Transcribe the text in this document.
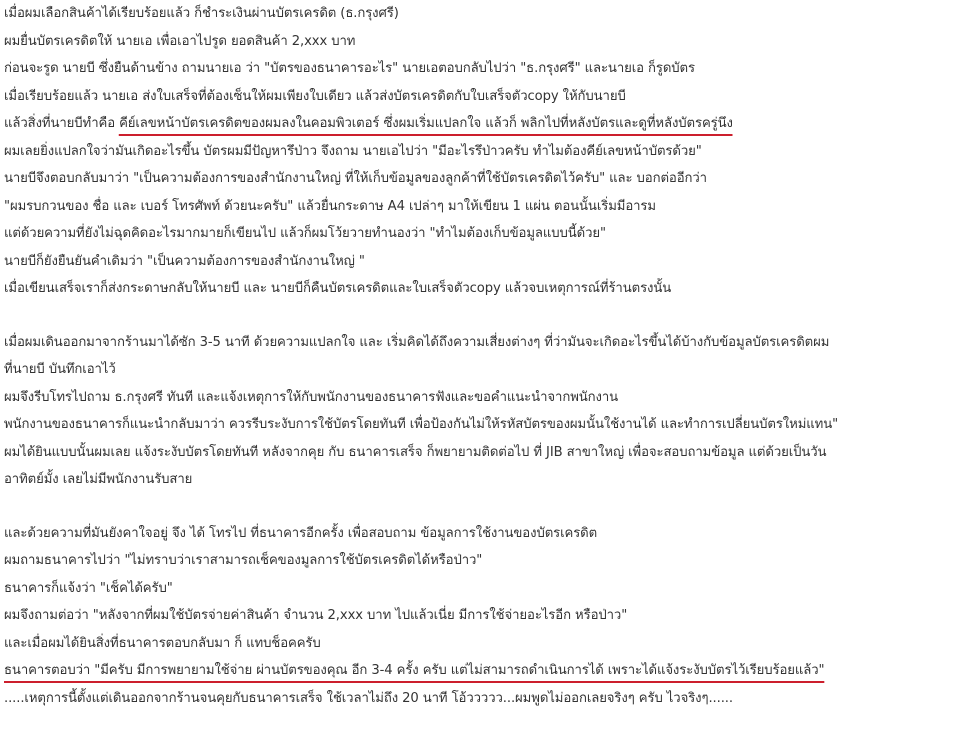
เมื่อผมเลือกสินค้าได้เรียบร้อยแล้ว ก็ชำระเงินผ่านบัตรเครดิต (ธ.กรุงศรี)
ผมยื่นบัตรเครดิตให้ นายเอ เพื่อเอาไปรูด ยอดสินค้า 2,xxx บาท
ก่อนจะรูด นายบี ซึ่งยืนด้านข้าง ถามนายเอ ว่า "บัตรของธนาคารอะไร" นายเอตอบกลับไปว่า "ธ.กรุงศรี" และนายเอ ก็รูดบัตร
เมื่อเรียบร้อยแล้ว นายเอ ส่งใบเสร็จที่ต้องเซ็นให้ผมเพียงใบเดียว แล้วส่งบัตรเครดิตกับใบเสร็จตัวcopy ให้กับนายบี
แล้วสิ่งที่นายบีทำคือ คีย์เลขหน้าบัตรเครดิตของผมลงในคอมพิวเตอร์ ซึ่งผมเริ่มแปลกใจ แล้วก็ พลิกไปที่หลังบัตรและดูที่หลังบัตรครู่นึง
ผมเลยยิ่งแปลกใจว่ามันเกิดอะไรขึ้น บัตรผมมีปัญหารึป่าว จึงถาม นายเอไปว่า "มีอะไรรึป่าวครับ ทำไมต้องคีย์เลขหน้าบัตรด้วย"
นายบีจึงตอบกลับมาว่า "เป็นความต้องการของสำนักงานใหญ่ ที่ให้เก็บข้อมูลของลูกค้าที่ใช้บัตรเครดิตไว้ครับ" และ บอกต่ออีกว่า
"ผมรบกวนของ ชื่อ และ เบอร์ โทรศัพท์ ด้วยนะครับ" แล้วยื่นกระดาษ A4 เปล่าๆ มาให้เขียน 1 แผ่น ตอนนั้นเริ่มมีอารม
แต่ด้วยความที่ยังไม่ฉุดคิดอะไรมากมายก็เขียนไป แล้วก็ผมโว้ยวายทำนองว่า "ทำไมต้องเก็บข้อมูลแบบนี้ด้วย"
นายบีก็ยังยืนยันคำเดิมว่า "เป็นความต้องการของสำนักงานใหญ่ "
เมื่อเขียนเสร็จเราก็ส่งกระดาษกลับให้นายบี และ นายบีก็คืนบัตรเครดิตและใบเสร็จตัวcopy แล้วจบเหตุการณ์ที่ร้านตรงนั้น
เมื่อผมเดินออกมาจากร้านมาได้ซัก 3-5 นาที ด้วยความแปลกใจ และ เริ่มคิดได้ถึงความเสี่ยงต่างๆ ที่ว่ามันจะเกิดอะไรขึ้นได้บ้างกับข้อมูลบัตรเครดิตผม
ที่นายบี บันทึกเอาไว้
ผมจึงรีบโทรไปถาม ธ.กรุงศรี ทันที และแจ้งเหตุการให้กับพนักงานของธนาคารฟังและขอคำแนะนำจากพนักงาน
พนักงานของธนาคารก็แนะนำกลับมาว่า ควรรีบระงับการใช้บัตรโดยทันที เพื่อป้องกันไม่ให้รหัสบัตรของผมนั้นใช้งานได้ และทำการเปลี่ยนบัตรใหม่แทน"
ผมได้ยินแบบนั้นผมเลย แจ้งระงับบัตรโดยทันที หลังจากคุย กับ ธนาคารเสร็จ ก็พยายามติดต่อไป ที่ JIB สาขาใหญ่ เพื่อจะสอบถามข้อมูล แต่ด้วยเป็นวัน
อาทิตย์มั้ง เลยไม่มีพนักงานรับสาย
และด้วยความที่มันยังคาใจอยู่ จึง ได้ โทรไป ที่ธนาคารอีกครั้ง เพื่อสอบถาม ข้อมูลการใช้งานของบัตรเครดิต
ผมถามธนาคารไปว่า "ไม่ทราบว่าเราสามารถเช็คของมูลการใช้บัตรเครดิตได้หรือป่าว"
ธนาคารก็แจ้งว่า "เช็คได้ครับ"
ผมจึงถามต่อว่า "หลังจากที่ผมใช้บัตรจ่ายค่าสินค้า จำนวน 2,xxx บาท ไปแล้วเนี่ย มีการใช้จ่ายอะไรอีก หรือป่าว"
และเมื่อผมได้ยินสิ่งที่ธนาคารตอบกลับมา ก็ แทบช็อคครับ
ธนาคารตอบว่า "มีครับ มีการพยายามใช้จ่าย ผ่านบัตรของคุณ อีก 3-4 ครั้ง ครับ แต่ไม่สามารถดำเนินการได้ เพราะได้แจ้งระงับบัตรไว้เรียบร้อยแล้ว"
.....เหตุการนี้ตั้งแต่เดินออกจากร้านจนคุยกับธนาคารเสร็จ ใช้เวลาไม่ถึง 20 นาที โอ้ววววว...ผมพูดไม่ออกเลยจริงๆ ครับ ไวจริงๆ......
